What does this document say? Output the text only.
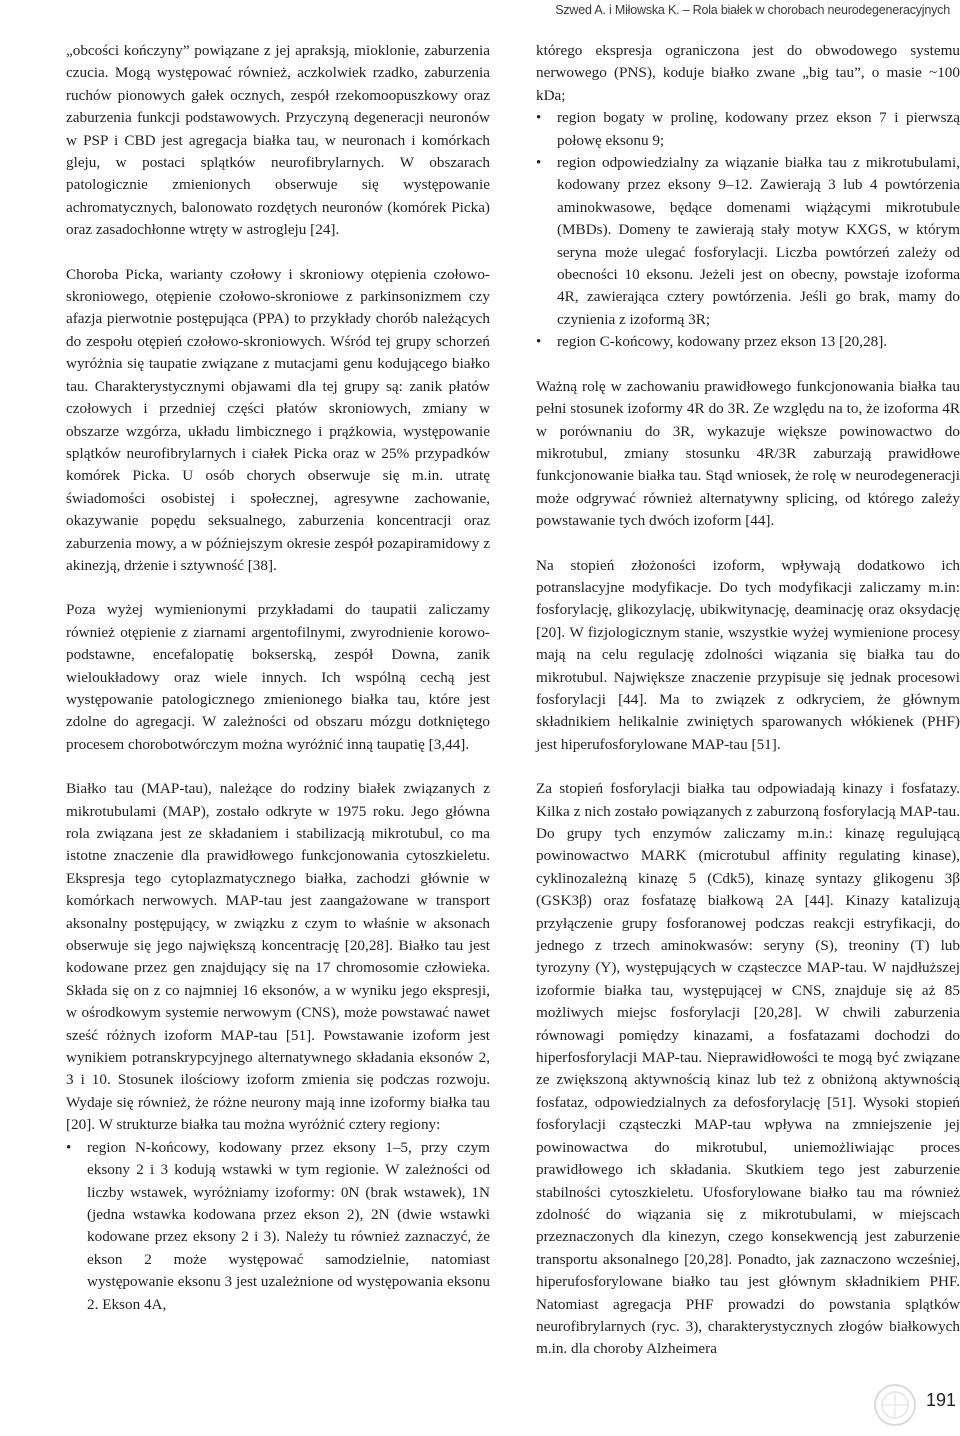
Szwed A. i Miłowska K. – Rola białek w chorobach neurodegeneracyjnych

„obcości kończyny” powiązane z jej apraksją, mioklonie, zaburzenia czucia. Mogą występować również, aczkolwiek rzadko, zaburzenia ruchów pionowych gałek ocznych, zespół rzekomoopuszkowy oraz zaburzenia funkcji podstawowych. Przyczyną degeneracji neuronów w PSP i CBD jest agregacja białka tau, w neuronach i komórkach gleju, w postaci splątków neurofibrylarnych. W obszarach patologicznie zmienionych obserwuje się występowanie achromatycznych, balonowato rozdętych neuronów (komórek Picka) oraz zasadochłonne wtręty w astrogleju [24].

Choroba Picka, warianty czołowy i skroniowy otępienia czołowo-skroniowego, otępienie czołowo-skroniowe z parkinsonizmem czy afazja pierwotnie postępująca (PPA) to przykłady chorób należących do zespołu otępień czołowo-skroniowych. Wśród tej grupy schorzeń wyróżnia się taupatie związane z mutacjami genu kodującego białko tau. Charakterystycznymi objawami dla tej grupy są: zanik płatów czołowych i przedniej części płatów skroniowych, zmiany w obszarze wzgórza, układu limbicznego i prążkowia, występowanie splątków neurofibrylarnych i ciałek Picka oraz w 25% przypadków komórek Picka. U osób chorych obserwuje się m.in. utratę świadomości osobistej i społecznej, agresywne zachowanie, okazywanie popędu seksualnego, zaburzenia koncentracji oraz zaburzenia mowy, a w późniejszym okresie zespół pozapiramidowy z akinezją, drżenie i sztywność [38].

Poza wyżej wymienionymi przykładami do taupatii zaliczamy również otępienie z ziarnami argentofilnymi, zwyrodnienie korowo-podstawne, encefalopatię bokserską, zespół Downa, zanik wieloukładowy oraz wiele innych. Ich wspólną cechą jest występowanie patologicznego zmienionego białka tau, które jest zdolne do agregacji. W zależności od obszaru mózgu dotkniętego procesem chorobotwórczym można wyróżnić inną taupatię [3,44].

Białko tau (MAP-tau), należące do rodziny białek związanych z mikrotubulami (MAP), zostało odkryte w 1975 roku. Jego główna rola związana jest ze składaniem i stabilizacją mikrotubul, co ma istotne znaczenie dla prawidłowego funkcjonowania cytoszkieletu. Ekspresja tego cytoplazmatycznego białka, zachodzi głównie w komórkach nerwowych. MAP-tau jest zaangażowane w transport aksonalny postępujący, w związku z czym to właśnie w aksonach obserwuje się jego największą koncentrację [20,28]. Białko tau jest kodowane przez gen znajdujący się na 17 chromosomie człowieka. Składa się on z co najmniej 16 eksonów, a w wyniku jego ekspresji, w ośrodkowym systemie nerwowym (CNS), może powstawać nawet sześć różnych izoform MAP-tau [51]. Powstawanie izoform jest wynikiem potranskrypcyjnego alternatywnego składania eksonów 2, 3 i 10. Stosunek ilościowy izoform zmienia się podczas rozwoju. Wydaje się również, że różne neurony mają inne izoformy białka tau [20]. W strukturze białka tau można wyróżnić cztery regiony:

• region N-końcowy, kodowany przez eksony 1–5, przy czym eksony 2 i 3 kodują wstawki w tym regionie. W zależności od liczby wstawek, wyróżniamy izoformy: 0N (brak wstawek), 1N (jedna wstawka kodowana przez ekson 2), 2N (dwie wstawki kodowane przez eksony 2 i 3). Należy tu również zaznaczyć, że ekson 2 może występować samodzielnie, natomiast występowanie eksonu 3 jest uzależnione od występowania eksonu 2. Ekson 4A,

którego ekspresja ograniczona jest do obwodowego systemu nerwowego (PNS), koduje białko zwane „big tau”, o masie ~100 kDa;

• region bogaty w prolinę, kodowany przez ekson 7 i pierwszą połowę eksonu 9;
• region odpowiedzialny za wiązanie białka tau z mikrotubulami, kodowany przez eksony 9–12. Zawierają 3 lub 4 powtórzenia aminokwasowe, będące domenami wiążącymi mikrotubule (MBDs). Domeny te zawierają stały motyw KXGS, w którym seryna może ulegać fosforylacji. Liczba powtórzeń zależy od obecności 10 eksonu. Jeżeli jest on obecny, powstaje izoforma 4R, zawierająca cztery powtórzenia. Jeśli go brak, mamy do czynienia z izoformą 3R;
• region C-końcowy, kodowany przez ekson 13 [20,28].

Ważną rolę w zachowaniu prawidłowego funkcjonowania białka tau pełni stosunek izoformy 4R do 3R. Ze względu na to, że izoforma 4R w porównaniu do 3R, wykazuje większe powinowactwo do mikrotubul, zmiany stosunku 4R/3R zaburzają prawidłowe funkcjonowanie białka tau. Stąd wniosek, że rolę w neurodegeneracji może odgrywać również alternatywny splicing, od którego zależy powstawanie tych dwóch izoform [44].

Na stopień złożoności izoform, wpływają dodatkowo ich potranslacyjne modyfikacje. Do tych modyfikacji zaliczamy m.in: fosforylację, glikozylację, ubikwitynację, deaminację oraz oksydację [20]. W fizjologicznym stanie, wszystkie wyżej wymienione procesy mają na celu regulację zdolności wiązania się białka tau do mikrotubul. Największe znaczenie przypisuje się jednak procesowi fosforylacji [44]. Ma to związek z odkryciem, że głównym składnikiem helikalnie zwiniętych sparowanych włókienek (PHF) jest hiperufosforylowane MAP-tau [51].

Za stopień fosforylacji białka tau odpowiadają kinazy i fosfatazy. Kilka z nich zostało powiązanych z zaburzoną fosforylacją MAP-tau. Do grupy tych enzymów zaliczamy m.in.: kinazę regulującą powinowactwo MARK (microtubul affinity regulating kinase), cyklinozależną kinazę 5 (Cdk5), kinazę syntazy glikogenu 3β (GSK3β) oraz fosfatazę białkową 2A [44]. Kinazy katalizują przyłączenie grupy fosforanowej podczas reakcji estryfikacji, do jednego z trzech aminokwasów: seryny (S), treoniny (T) lub tyrozyny (Y), występujących w cząsteczce MAP-tau. W najdłuższej izoformie białka tau, występującej w CNS, znajduje się aż 85 możliwych miejsc fosforylacji [20,28]. W chwili zaburzenia równowagi pomiędzy kinazami, a fosfatazami dochodzi do hiperfosforylacji MAP-tau. Nieprawidłowości te mogą być związane ze zwiększoną aktywnością kinaz lub też z obniżoną aktywnością fosfataz, odpowiedzialnych za defosforylację [51]. Wysoki stopień fosforylacji cząsteczki MAP-tau wpływa na zmniejszenie jej powinowactwa do mikrotubul, uniemożliwiając proces prawidłowego ich składania. Skutkiem tego jest zaburzenie stabilności cytoszkieletu. Ufosforylowane białko tau ma również zdolność do wiązania się z mikrotubulami, w miejscach przeznaczonych dla kinezyn, czego konsekwencją jest zaburzenie transportu aksonalnego [20,28]. Ponadto, jak zaznaczono wcześniej, hiperufosforylowane białko tau jest głównym składnikiem PHF. Natomiast agregacja PHF prowadzi do powstania splątków neurofibrylarnych (ryc. 3), charakterystycznych złogów białkowych m.in. dla choroby Alzheimera

191
